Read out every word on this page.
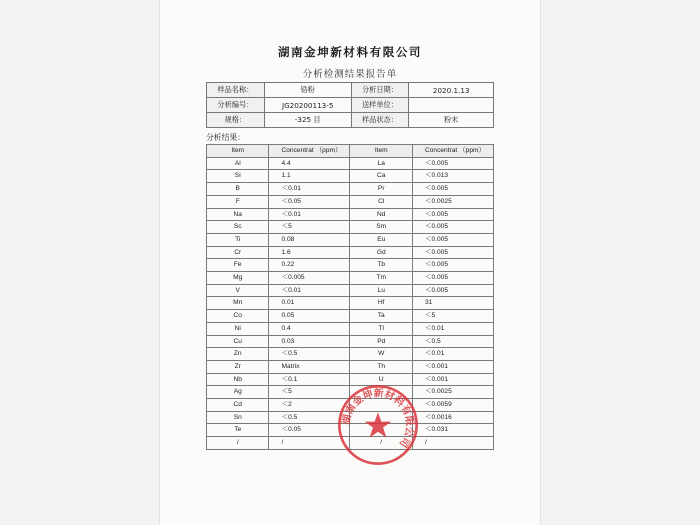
湖南金坤新材料有限公司
分析检测结果报告单
样品名称：	锆粉	分析日期：	2020.1.13
分析编号：	JG20200113-5	送样单位：	
规格：	-325 目	样品状态：	粉末
分析结果：
Item	Concentrat （ppm）	Item	Concentrat （ppm）
Al	4.4	La	＜0.005
Si	1.1	Ca	＜0.013
B	＜0.01	Pr	＜0.005
F	＜0.05	Cl	＜0.0025
Na	＜0.01	Nd	＜0.005
Sc	＜5	Sm	＜0.005
Ti	0.08	Eu	＜0.005
Cr	1.6	Gd	＜0.005
Fe	0.22	Tb	＜0.005
Mg	＜0.005	Tm	＜0.005
V	＜0.01	Lu	＜0.005
Mn	0.01	Hf	31
Co	0.05	Ta	＜5
Ni	0.4	Tl	＜0.01
Cu	0.03	Pd	＜0.5
Zn	＜0.5	W	＜0.01
Zr	Matrix	Th	＜0.001
Nb	＜0.1	U	＜0.001
Ag	＜5		＜0.0025
Cd	＜2		＜0.0059
Sn	＜0.5		＜0.0016
Te	＜0.05		＜0.031
/	/	/	/
湖南金坤新材料有限公司
